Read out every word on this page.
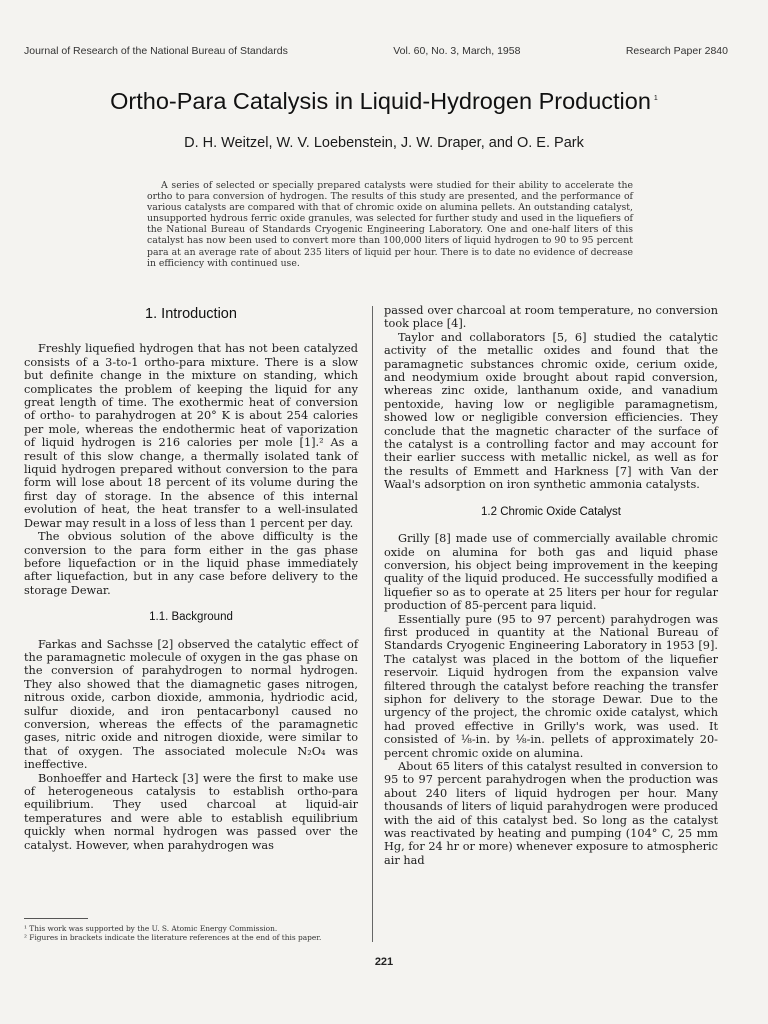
Journal of Research of the National Bureau of Standards	Vol. 60, No. 3, March, 1958	Research Paper 2840
Ortho-Para Catalysis in Liquid-Hydrogen Production $^1$
D. H. Weitzel, W. V. Loebenstein, J. W. Draper, and O. E. Park
A series of selected or specially prepared catalysts were studied for their ability to accelerate the ortho to para conversion of hydrogen. The results of this study are presented, and the performance of various catalysts are compared with that of chromic oxide on alumina pellets. An outstanding catalyst, unsupported hydrous ferric oxide granules, was selected for further study and used in the liquefiers of the National Bureau of Standards Cryogenic Engineering Laboratory. One and one-half liters of this catalyst has now been used to convert more than 100,000 liters of liquid hydrogen to 90 to 95 percent para at an average rate of about 235 liters of liquid per hour. There is to date no evidence of decrease in efficiency with continued use.
1. Introduction

Freshly liquefied hydrogen that has not been catalyzed consists of a 3-to-1 ortho-para mixture. There is a slow but definite change in the mixture on standing, which complicates the problem of keeping the liquid for any great length of time. The exothermic heat of conversion of ortho- to parahydrogen at 20° K is about 254 calories per mole, whereas the endothermic heat of vaporization of liquid hydrogen is 216 calories per mole [1].² As a result of this slow change, a thermally isolated tank of liquid hydrogen prepared without conversion to the para form will lose about 18 percent of its volume during the first day of storage. In the absence of this internal evolution of heat, the heat transfer to a well-insulated Dewar may result in a loss of less than 1 percent per day.

The obvious solution of the above difficulty is the conversion to the para form either in the gas phase before liquefaction or in the liquid phase immediately after liquefaction, but in any case before delivery to the storage Dewar.

1.1. Background

Farkas and Sachsse [2] observed the catalytic effect of the paramagnetic molecule of oxygen in the gas phase on the conversion of parahydrogen to normal hydrogen. They also showed that the diamagnetic gases nitrogen, nitrous oxide, carbon dioxide, ammonia, hydriodic acid, sulfur dioxide, and iron pentacarbonyl caused no conversion, whereas the effects of the paramagnetic gases, nitric oxide and nitrogen dioxide, were similar to that of oxygen. The associated molecule N₂O₄ was ineffective.

Bonhoeffer and Harteck [3] were the first to make use of heterogeneous catalysis to establish ortho-para equilibrium. They used charcoal at liquid-air temperatures and were able to establish equilibrium quickly when normal hydrogen was passed over the catalyst. However, when parahydrogen was

passed over charcoal at room temperature, no conversion took place [4].

Taylor and collaborators [5, 6] studied the catalytic activity of the metallic oxides and found that the paramagnetic substances chromic oxide, cerium oxide, and neodymium oxide brought about rapid conversion, whereas zinc oxide, lanthanum oxide, and vanadium pentoxide, having low or negligible paramagnetism, showed low or negligible conversion efficiencies. They conclude that the magnetic character of the surface of the catalyst is a controlling factor and may account for their earlier success with metallic nickel, as well as for the results of Emmett and Harkness [7] with Van der Waal's adsorption on iron synthetic ammonia catalysts.

1.2 Chromic Oxide Catalyst

Grilly [8] made use of commercially available chromic oxide on alumina for both gas and liquid phase conversion, his object being improvement in the keeping quality of the liquid produced. He successfully modified a liquefier so as to operate at 25 liters per hour for regular production of 85-percent para liquid.

Essentially pure (95 to 97 percent) parahydrogen was first produced in quantity at the National Bureau of Standards Cryogenic Engineering Laboratory in 1953 [9]. The catalyst was placed in the bottom of the liquefier reservoir. Liquid hydrogen from the expansion valve filtered through the catalyst before reaching the transfer siphon for delivery to the storage Dewar. Due to the urgency of the project, the chromic oxide catalyst, which had proved effective in Grilly's work, was used. It consisted of ⅛-in. by ⅛-in. pellets of approximately 20-percent chromic oxide on alumina.

About 65 liters of this catalyst resulted in conversion to 95 to 97 percent parahydrogen when the production was about 240 liters of liquid hydrogen per hour. Many thousands of liters of liquid parahydrogen were produced with the aid of this catalyst bed. So long as the catalyst was reactivated by heating and pumping (104° C, 25 mm Hg, for 24 hr or more) whenever exposure to atmospheric air had

¹ This work was supported by the U. S. Atomic Energy Commission.
² Figures in brackets indicate the literature references at the end of this paper.
221
